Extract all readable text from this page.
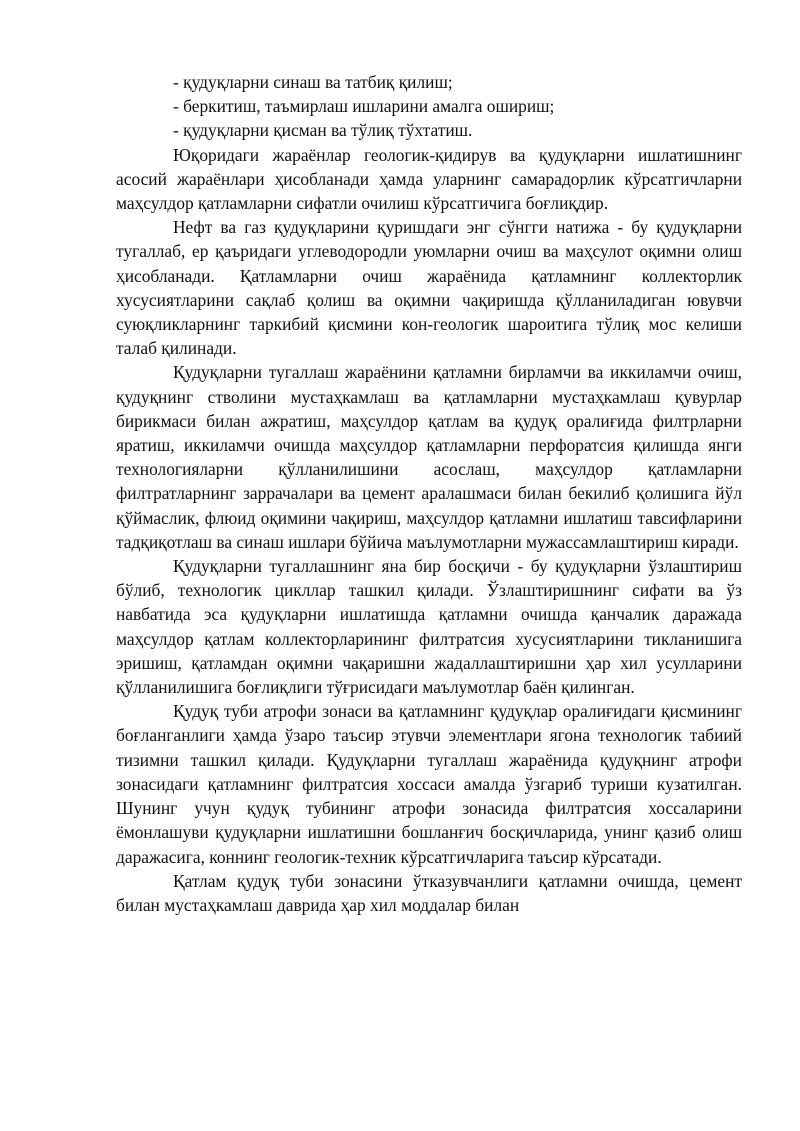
- қудуқларни синаш ва татбиқ қилиш;

- беркитиш, таъмирлаш ишларини амалга ошириш;

- қудуқларни қисман ва тўлиқ тўхтатиш.

Юқоридаги жараёнлар геологик-қидирув ва қудуқларни ишлатишнинг асосий жараёнлари ҳисобланади ҳамда уларнинг самарадорлик кўрсатгичларни маҳсулдор қатламларни сифатли очилиш кўрсатгичига боғлиқдир.

Нефт ва газ қудуқларини қуришдаги энг сўнгги натижа - бу қудуқларни тугаллаб, ер қаъридаги углеводородли уюмларни очиш ва маҳсулот оқимни олиш ҳисобланади. Қатламларни очиш жараёнида қатламнинг коллекторлик хусусиятларини сақлаб қолиш ва оқимни чақиришда қўлланиладиган ювувчи суюқликларнинг таркибий қисмини кон-геологик шароитига тўлиқ мос келиши талаб қилинади.

Қудуқларни тугаллаш жараёнини қатламни бирламчи ва иккиламчи очиш, қудуқнинг стволини мустаҳкамлаш ва қатламларни мустаҳкамлаш қувурлар бирикмаси билан ажратиш, маҳсулдор қатлам ва қудуқ оралиғида филтрларни яратиш, иккиламчи очишда маҳсулдор қатламларни перфоратсия қилишда янги технологияларни қўлланилишини асослаш, маҳсулдор қатламларни филтратларнинг заррачалари ва цемент аралашмаси билан бекилиб қолишига йўл қўймаслик, флюид оқимини чақириш, маҳсулдор қатламни ишлатиш тавсифларини тадқиқотлаш ва синаш ишлари бўйича маълумотларни мужассамлаштириш киради.

Қудуқларни тугаллашнинг яна бир босқичи - бу қудуқларни ўзлаштириш бўлиб, технологик цикллар ташкил қилади. Ўзлаштиришнинг сифати ва ўз навбатида эса қудуқларни ишлатишда қатламни очишда қанчалик даражада маҳсулдор қатлам коллекторларининг филтратсия хусусиятларини тикланишига эришиш, қатламдан оқимни чақаришни жадаллаштиришни ҳар хил усулларини қўлланилишига боғлиқлиги тўғрисидаги маълумотлар баён қилинган.

Қудуқ туби атрофи зонаси ва қатламнинг қудуқлар оралиғидаги қисмининг боғланганлиги ҳамда ўзаро таъсир этувчи элементлари ягона технологик табиий тизимни ташкил қилади. Қудуқларни тугаллаш жараёнида қудуқнинг атрофи зонасидаги қатламнинг филтратсия хоссаси амалда ўзгариб туриши кузатилган. Шунинг учун қудуқ тубининг атрофи зонасида филтратсия хоссаларини ёмонлашуви қудуқларни ишлатишни бошланғич босқичларида, унинг қазиб олиш даражасига, коннинг геологик-техник кўрсатгичларига таъсир кўрсатади.

Қатлам қудуқ туби зонасини ўтказувчанлиги қатламни очишда, цемент билан мустаҳкамлаш даврида ҳар хил моддалар билан
